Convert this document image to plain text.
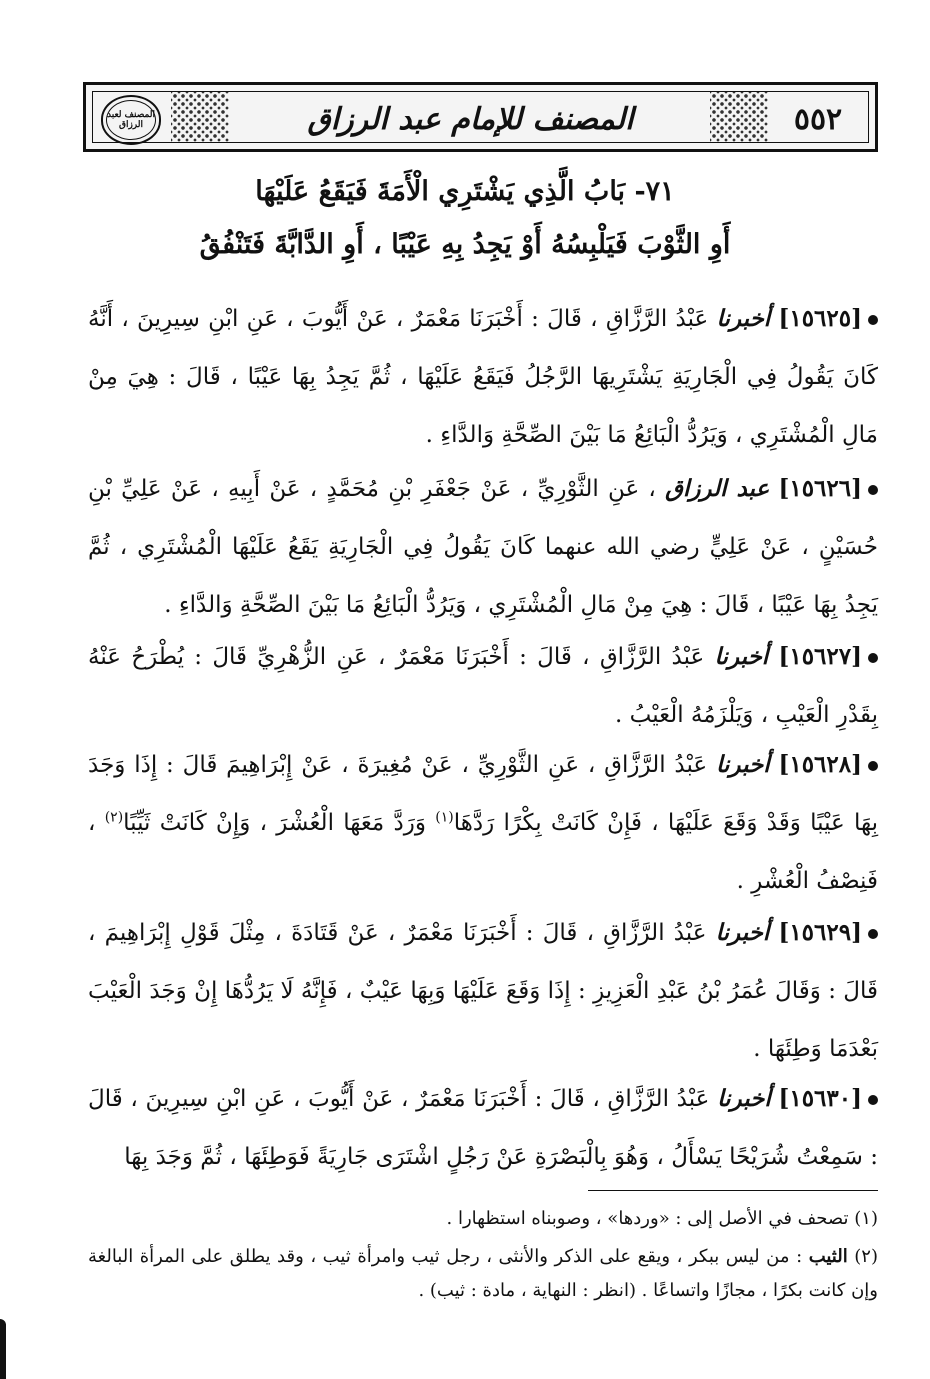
٥٥٢
المصنف للإمام عبد الرزاق
المصنف لعبد الرزاق
٧١- بَابُ الَّذِي يَشْتَرِي الْأَمَةَ فَيَقَعُ عَلَيْهَا
أَوِ الثَّوْبَ فَيَلْبِسُهُ أَوْ يَجِدُ بِهِ عَيْبًا ، أَوِ الدَّابَّةَ فَتَنْفُقُ
[١٥٦٢٥] أخبرنا عَبْدُ الرَّزَّاقِ ، قَالَ : أَخْبَرَنَا مَعْمَرٌ ، عَنْ أَيُّوبَ ، عَنِ ابْنِ سِيرِينَ ، أَنَّهُ كَانَ يَقُولُ فِي الْجَارِيَةِ يَشْتَرِيهَا الرَّجُلُ فَيَقَعُ عَلَيْهَا ، ثُمَّ يَجِدُ بِهَا عَيْبًا ، قَالَ : هِيَ مِنْ مَالِ الْمُشْتَرِي ، وَيَرُدُّ الْبَائِعُ مَا بَيْنَ الصِّحَّةِ وَالدَّاءِ .
[١٥٦٢٦] عبد الرزاق ، عَنِ الثَّوْرِيِّ ، عَنْ جَعْفَرِ بْنِ مُحَمَّدٍ ، عَنْ أَبِيهِ ، عَنْ عَلِيِّ بْنِ حُسَيْنٍ ، عَنْ عَلِيٍّ رضي الله عنهما كَانَ يَقُولُ فِي الْجَارِيَةِ يَقَعُ عَلَيْهَا الْمُشْتَرِي ، ثُمَّ يَجِدُ بِهَا عَيْبًا ، قَالَ : هِيَ مِنْ مَالِ الْمُشْتَرِي ، وَيَرُدُّ الْبَائِعُ مَا بَيْنَ الصِّحَّةِ وَالدَّاءِ .
[١٥٦٢٧] أخبرنا عَبْدُ الرَّزَّاقِ ، قَالَ : أَخْبَرَنَا مَعْمَرٌ ، عَنِ الزُّهْرِيِّ قَالَ : يُطْرَحُ عَنْهُ بِقَدْرِ الْعَيْبِ ، وَيَلْزَمُهُ الْعَيْبُ .
[١٥٦٢٨] أخبرنا عَبْدُ الرَّزَّاقِ ، عَنِ الثَّوْرِيِّ ، عَنْ مُغِيرَةَ ، عَنْ إِبْرَاهِيمَ قَالَ : إِذَا وَجَدَ بِهَا عَيْبًا وَقَدْ وَقَعَ عَلَيْهَا ، فَإِنْ كَانَتْ بِكْرًا رَدَّهَا$^{(١)}$ وَرَدَّ مَعَهَا الْعُشْرَ ، وَإِنْ كَانَتْ ثَيِّبًا$^{(٢)}$ ، فَنِصْفُ الْعُشْرِ .
[١٥٦٢٩] أخبرنا عَبْدُ الرَّزَّاقِ ، قَالَ : أَخْبَرَنَا مَعْمَرٌ ، عَنْ قَتَادَةَ ، مِثْلَ قَوْلِ إِبْرَاهِيمَ ، قَالَ : وَقَالَ عُمَرُ بْنُ عَبْدِ الْعَزِيزِ : إِذَا وَقَعَ عَلَيْهَا وَبِهَا عَيْبٌ ، فَإِنَّهُ لَا يَرُدُّهَا إِنْ وَجَدَ الْعَيْبَ بَعْدَمَا وَطِئَهَا .
[١٥٦٣٠] أخبرنا عَبْدُ الرَّزَّاقِ ، قَالَ : أَخْبَرَنَا مَعْمَرٌ ، عَنْ أَيُّوبَ ، عَنِ ابْنِ سِيرِينَ ، قَالَ : سَمِعْتُ شُرَيْحًا يَسْأَلُ ، وَهُوَ بِالْبَصْرَةِ عَنْ رَجُلٍ اشْتَرَى جَارِيَةً فَوَطِئَهَا ، ثُمَّ وَجَدَ بِهَا
(١) تصحف في الأصل إلى : «وردها» ، وصوبناه استظهارا .
(٢) الثيب : من ليس ببكر ، ويقع على الذكر والأنثى ، رجل ثيب وامرأة ثيب ، وقد يطلق على المرأة البالغة وإن كانت بكرًا ، مجازًا واتساعًا . (انظر : النهاية ، مادة : ثيب) .
